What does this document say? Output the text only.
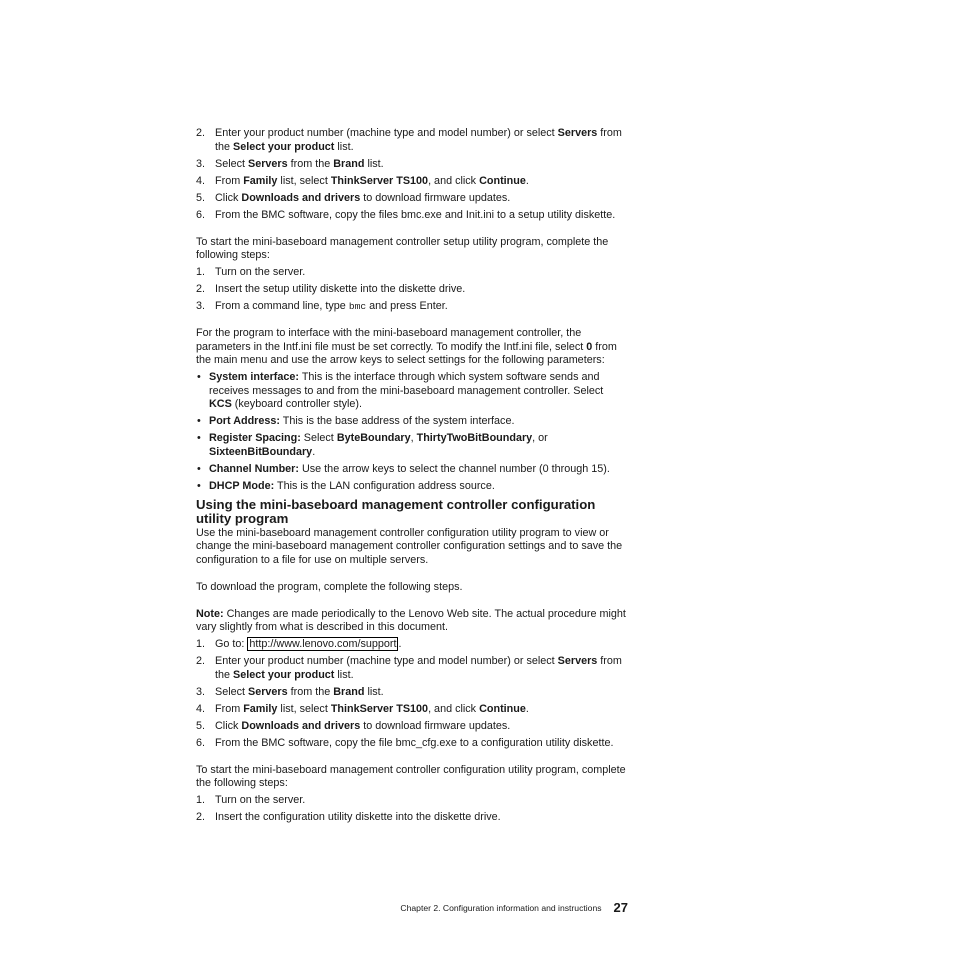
2. Enter your product number (machine type and model number) or select Servers from the Select your product list.
3. Select Servers from the Brand list.
4. From Family list, select ThinkServer TS100, and click Continue.
5. Click Downloads and drivers to download firmware updates.
6. From the BMC software, copy the files bmc.exe and Init.ini to a setup utility diskette.

To start the mini-baseboard management controller setup utility program, complete the following steps:

1. Turn on the server.
2. Insert the setup utility diskette into the diskette drive.
3. From a command line, type bmc and press Enter.

For the program to interface with the mini-baseboard management controller, the parameters in the Intf.ini file must be set correctly. To modify the Intf.ini file, select 0 from the main menu and use the arrow keys to select settings for the following parameters:

• System interface: This is the interface through which system software sends and receives messages to and from the mini-baseboard management controller. Select KCS (keyboard controller style).
• Port Address: This is the base address of the system interface.
• Register Spacing: Select ByteBoundary, ThirtyTwoBitBoundary, or SixteenBitBoundary.
• Channel Number: Use the arrow keys to select the channel number (0 through 15).
• DHCP Mode: This is the LAN configuration address source.
Using the mini-baseboard management controller configuration utility program

Use the mini-baseboard management controller configuration utility program to view or change the mini-baseboard management controller configuration settings and to save the configuration to a file for use on multiple servers.

To download the program, complete the following steps.

Note: Changes are made periodically to the Lenovo Web site. The actual procedure might vary slightly from what is described in this document.

1. Go to: http://www.lenovo.com/support .
2. Enter your product number (machine type and model number) or select Servers from the Select your product list.
3. Select Servers from the Brand list.
4. From Family list, select ThinkServer TS100, and click Continue.
5. Click Downloads and drivers to download firmware updates.
6. From the BMC software, copy the file bmc_cfg.exe to a configuration utility diskette.

To start the mini-baseboard management controller configuration utility program, complete the following steps:

1. Turn on the server.
2. Insert the configuration utility diskette into the diskette drive.
Chapter 2. Configuration information and instructions 27
